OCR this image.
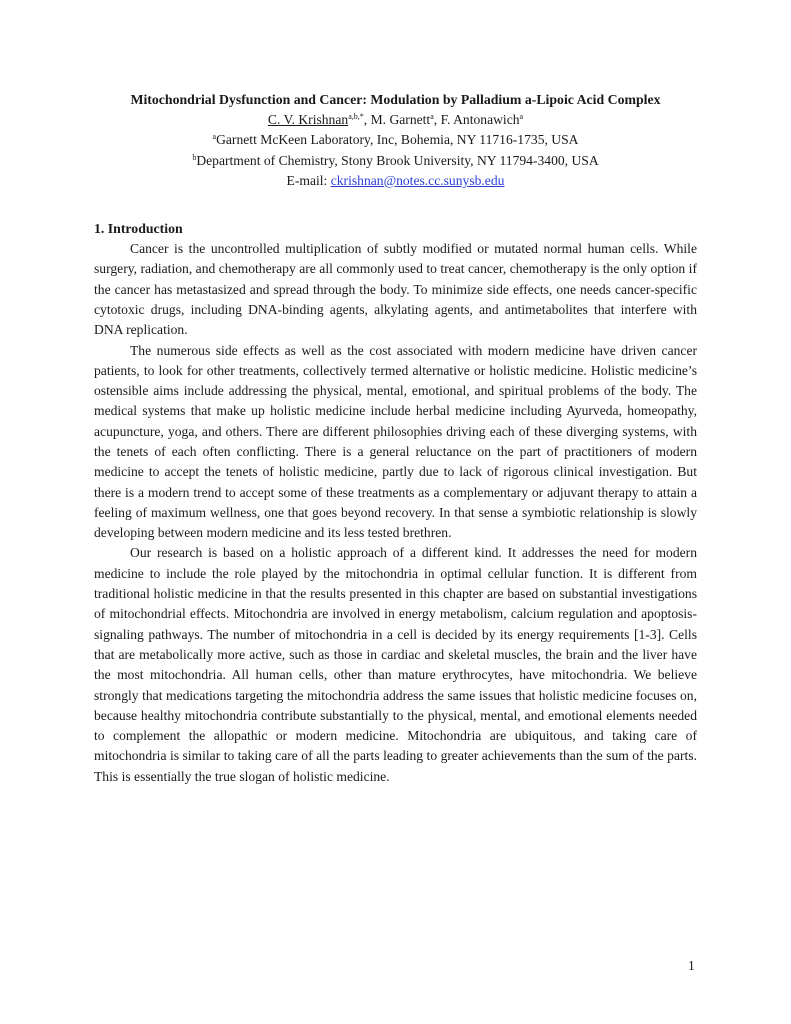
Mitochondrial Dysfunction and Cancer: Modulation by Palladium a-Lipoic Acid Complex

C. V. Krishnan$^{a,b,*}$, M. Garnett$^a$, F. Antonawich$^a$

$^a$Garnett McKeen Laboratory, Inc, Bohemia, NY 11716-1735, USA

$^b$Department of Chemistry, Stony Brook University, NY 11794-3400, USA

E-mail: ckrishnan@notes.cc.sunysb.edu

1. Introduction

Cancer is the uncontrolled multiplication of subtly modified or mutated normal human cells. While surgery, radiation, and chemotherapy are all commonly used to treat cancer, chemotherapy is the only option if the cancer has metastasized and spread through the body. To minimize side effects, one needs cancer-specific cytotoxic drugs, including DNA-binding agents, alkylating agents, and antimetabolites that interfere with DNA replication.

The numerous side effects as well as the cost associated with modern medicine have driven cancer patients, to look for other treatments, collectively termed alternative or holistic medicine. Holistic medicine’s ostensible aims include addressing the physical, mental, emotional, and spiritual problems of the body. The medical systems that make up holistic medicine include herbal medicine including Ayurveda, homeopathy, acupuncture, yoga, and others. There are different philosophies driving each of these diverging systems, with the tenets of each often conflicting. There is a general reluctance on the part of practitioners of modern medicine to accept the tenets of holistic medicine, partly due to lack of rigorous clinical investigation. But there is a modern trend to accept some of these treatments as a complementary or adjuvant therapy to attain a feeling of maximum wellness, one that goes beyond recovery. In that sense a symbiotic relationship is slowly developing between modern medicine and its less tested brethren.

Our research is based on a holistic approach of a different kind. It addresses the need for modern medicine to include the role played by the mitochondria in optimal cellular function. It is different from traditional holistic medicine in that the results presented in this chapter are based on substantial investigations of mitochondrial effects. Mitochondria are involved in energy metabolism, calcium regulation and apoptosis-signaling pathways. The number of mitochondria in a cell is decided by its energy requirements [1-3]. Cells that are metabolically more active, such as those in cardiac and skeletal muscles, the brain and the liver have the most mitochondria. All human cells, other than mature erythrocytes, have mitochondria. We believe strongly that medications targeting the mitochondria address the same issues that holistic medicine focuses on, because healthy mitochondria contribute substantially to the physical, mental, and emotional elements needed to complement the allopathic or modern medicine. Mitochondria are ubiquitous, and taking care of mitochondria is similar to taking care of all the parts leading to greater achievements than the sum of the parts. This is essentially the true slogan of holistic medicine.

1
